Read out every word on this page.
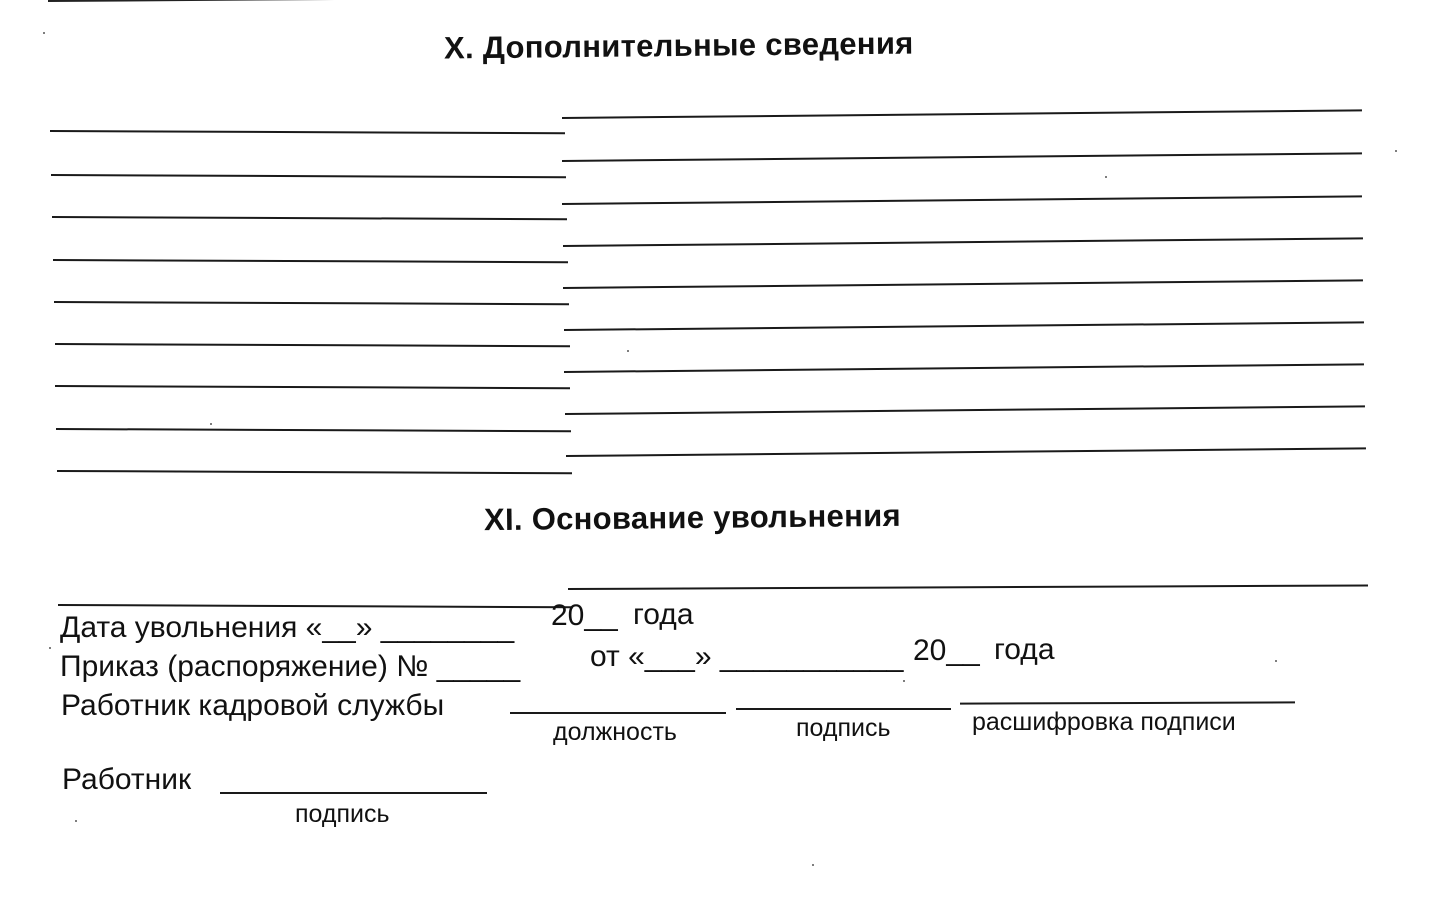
X. Дополнительные сведения
XI. Основание увольнения
Дата увольнения «__» ________ 20__ года
Приказ (распоряжение) № _____ от «___» ___________ 20__ года
Работник кадровой службы
должность	подпись	расшифровка подписи
Работник
подпись
